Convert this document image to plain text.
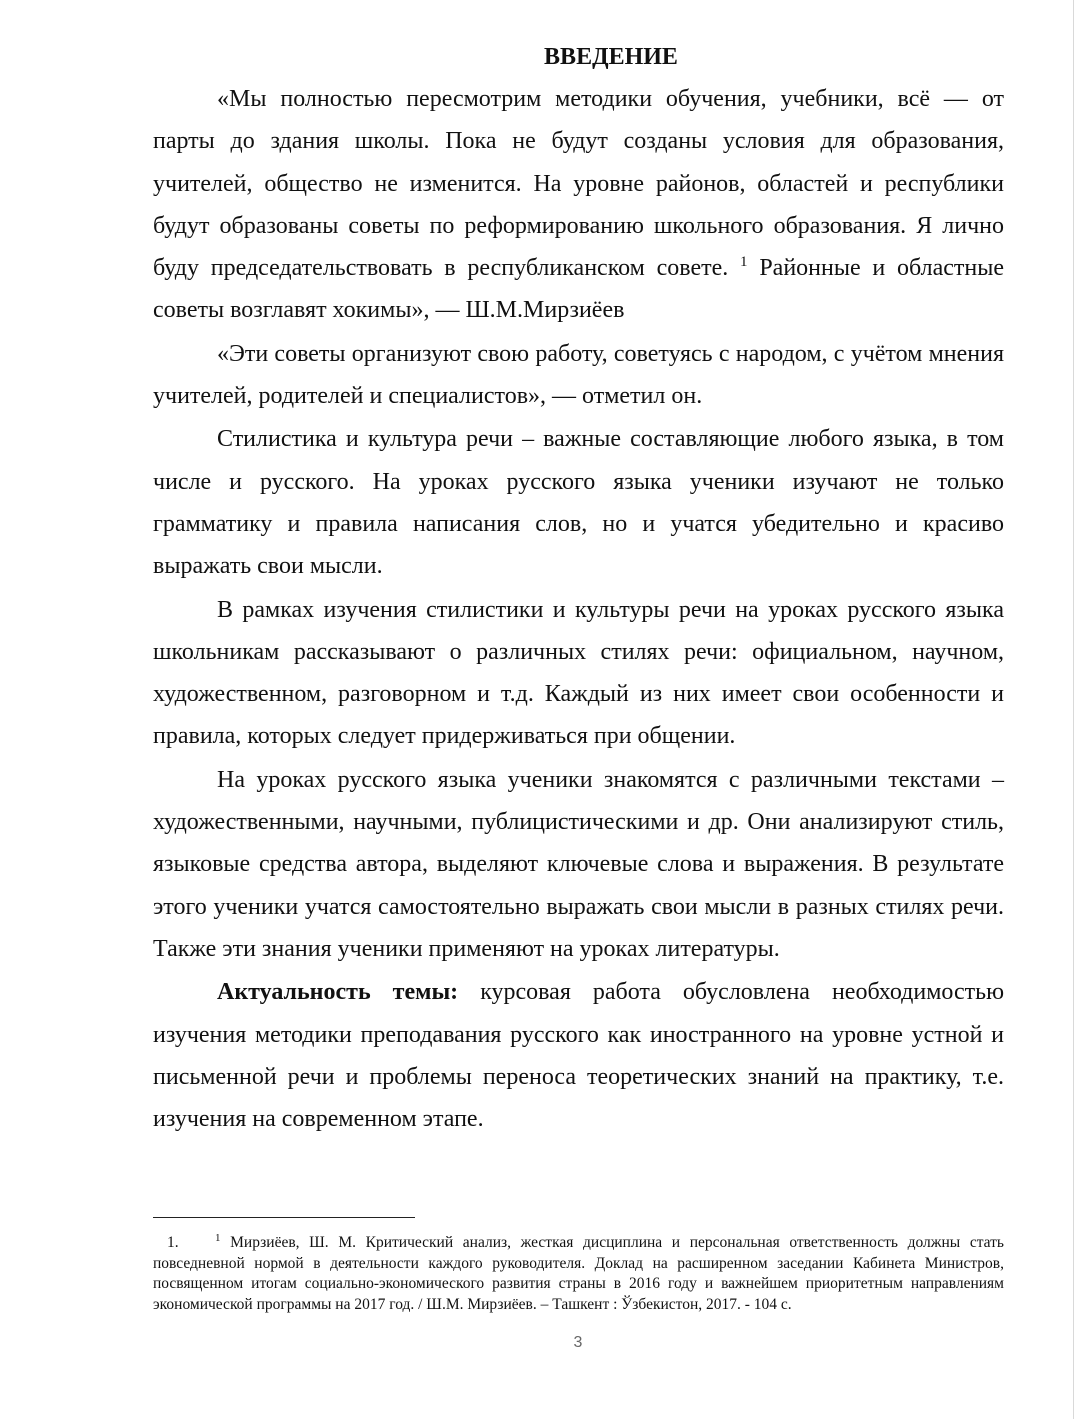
ВВЕДЕНИЕ

«Мы полностью пересмотрим методики обучения, учебники, всё — от парты до здания школы. Пока не будут созданы условия для образования, учителей, общество не изменится. На уровне районов, областей и республики будут образованы советы по реформированию школьного образования. Я лично буду председательствовать в республиканском совете. $^1$ Районные и областные советы возглавят хокимы», — Ш.М.Мирзиёев

«Эти советы организуют свою работу, советуясь с народом, с учётом мнения учителей, родителей и специалистов», — отметил он.

Стилистика и культура речи – важные составляющие любого языка, в том числе и русского. На уроках русского языка ученики изучают не только грамматику и правила написания слов, но и учатся убедительно и красиво выражать свои мысли.

В рамках изучения стилистики и культуры речи на уроках русского языка школьникам рассказывают о различных стилях речи: официальном, научном, художественном, разговорном и т.д. Каждый из них имеет свои особенности и правила, которых следует придерживаться при общении.

На уроках русского языка ученики знакомятся с различными текстами – художественными, научными, публицистическими и др. Они анализируют стиль, языковые средства автора, выделяют ключевые слова и выражения. В результате этого ученики учатся самостоятельно выражать свои мысли в разных стилях речи. Также эти знания ученики применяют на уроках литературы.

Актуальность темы: курсовая работа обусловлена необходимостью изучения методики преподавания русского как иностранного на уровне устной и письменной речи и проблемы переноса теоретических знаний на практику, т.е. изучения на современном этапе.

1.	$^1$ Мирзиёев, Ш. М. Критический анализ, жесткая дисциплина и персональная ответственность должны стать повседневной нормой в деятельности каждого руководителя. Доклад на расширенном заседании Кабинета Министров, посвященном итогам социально-экономического развития страны в 2016 году и важнейшем приоритетным направлениям экономической программы на 2017 год. / Ш.М. Мирзиёев. – Ташкент : Ўзбекистон, 2017. - 104 с.
3
